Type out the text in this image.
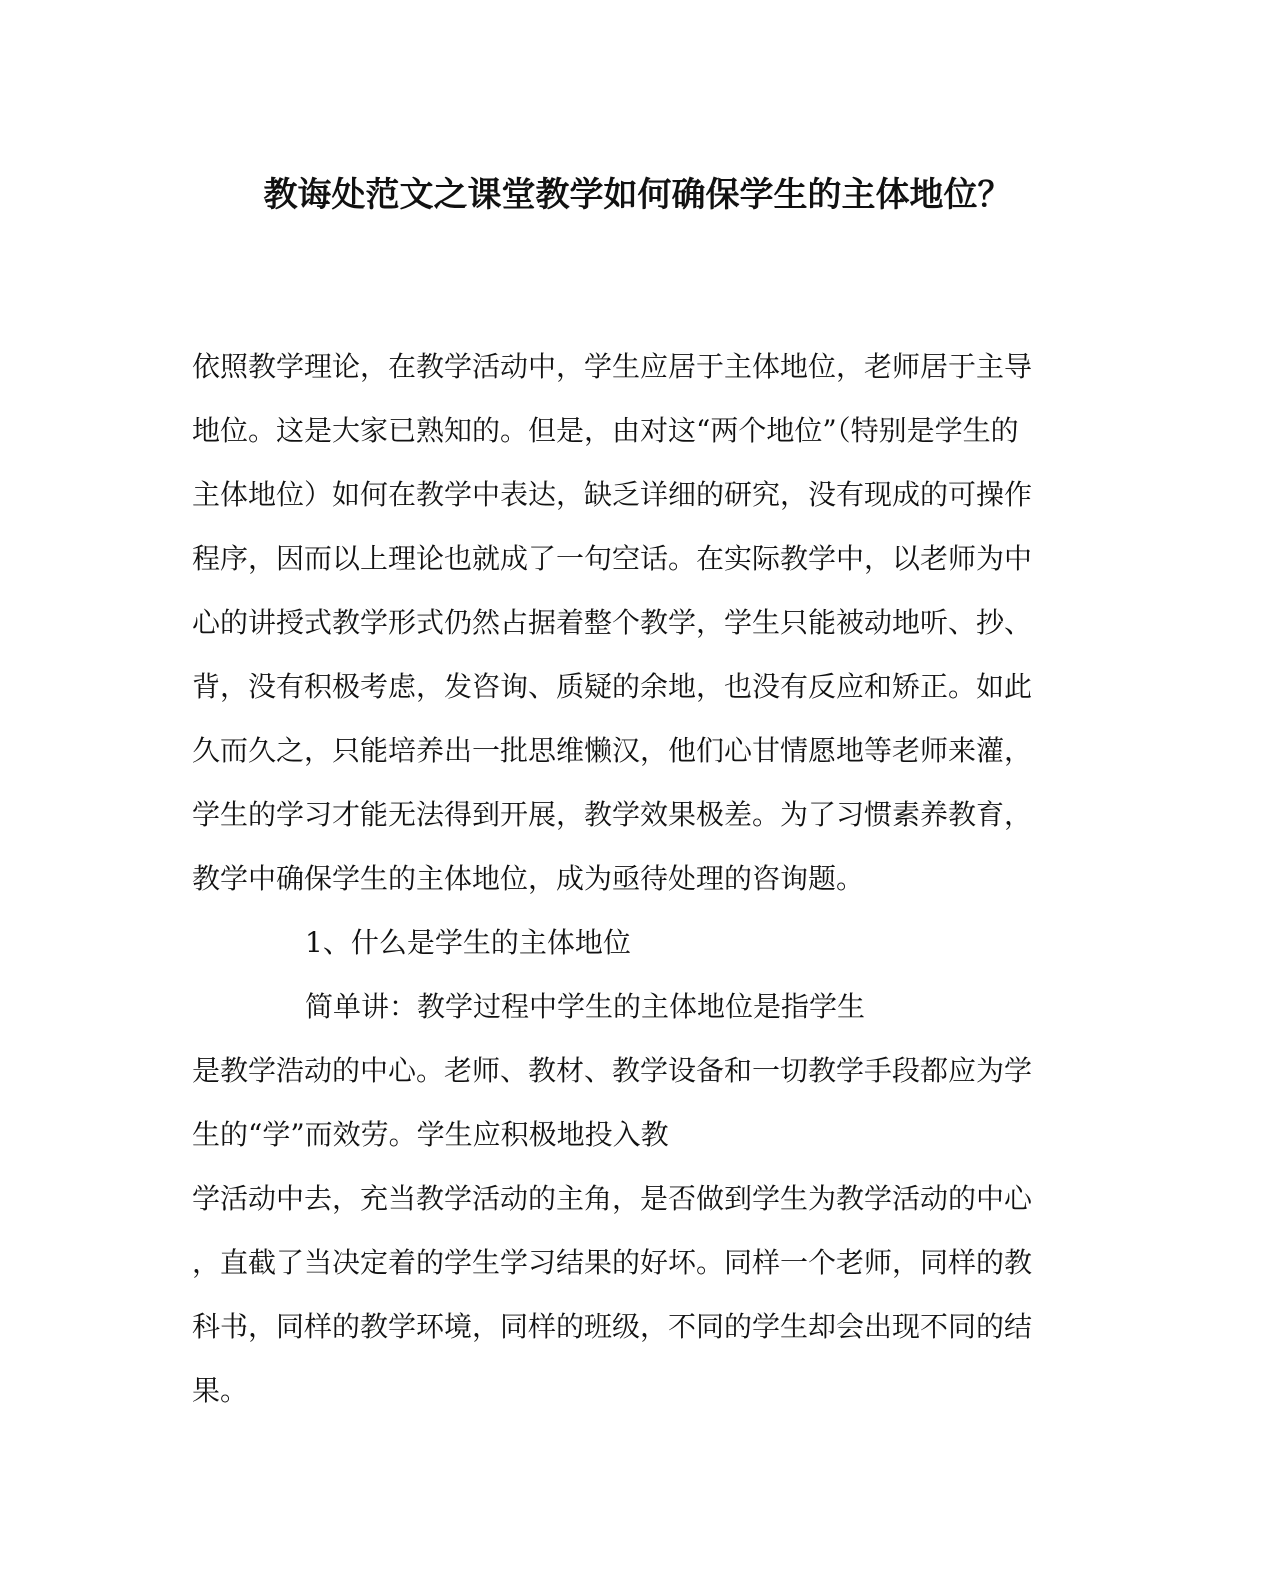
教诲处范文之课堂教学如何确保学生的主体地位？
依照教学理论，在教学活动中，学生应居于主体地位，老师居于主导
地位。这是大家已熟知的。但是，由对这“两个地位”（特别是学生的
主体地位）如何在教学中表达，缺乏详细的研究，没有现成的可操作
程序，因而以上理论也就成了一句空话。在实际教学中，以老师为中
心的讲授式教学形式仍然占据着整个教学，学生只能被动地听、抄、
背，没有积极考虑，发咨询、质疑的余地，也没有反应和矫正。如此
久而久之，只能培养出一批思维懒汉，他们心甘情愿地等老师来灌，
学生的学习才能无法得到开展，教学效果极差。为了习惯素养教育，
教学中确保学生的主体地位，成为亟待处理的咨询题。
1、什么是学生的主体地位
简单讲：教学过程中学生的主体地位是指学生
是教学浩动的中心。老师、教材、教学设备和一切教学手段都应为学
生的“学”而效劳。学生应积极地投入教
学活动中去，充当教学活动的主角，是否做到学生为教学活动的中心
，直截了当决定着的学生学习结果的好坏。同样一个老师，同样的教
科书，同样的教学环境，同样的班级，不同的学生却会出现不同的结
果。
